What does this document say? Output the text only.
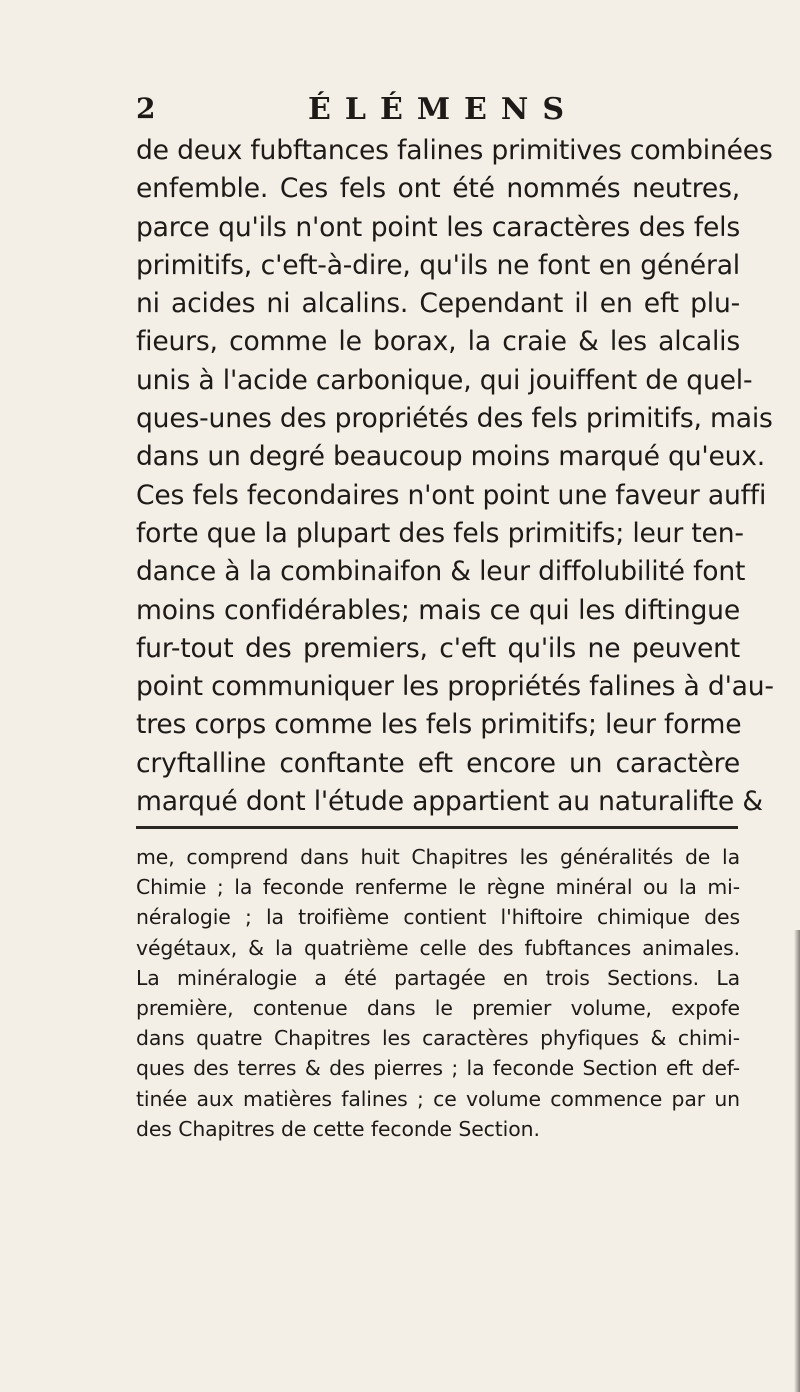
2	ÉLÉMENS
de deux fubftances falines primitives combinées
enfemble. Ces fels ont été nommés neutres,
parce qu'ils n'ont point les caractères des fels
primitifs, c'eft-à-dire, qu'ils ne font en général
ni acides ni alcalins. Cependant il en eft plu-
fieurs, comme le borax, la craie & les alcalis
unis à l'acide carbonique, qui jouiffent de quel-
ques-unes des propriétés des fels primitifs, mais
dans un degré beaucoup moins marqué qu'eux.
Ces fels fecondaires n'ont point une faveur auffi
forte que la plupart des fels primitifs; leur ten-
dance à la combinaifon & leur diffolubilité font
moins confidérables; mais ce qui les diftingue
fur-tout des premiers, c'eft qu'ils ne peuvent
point communiquer les propriétés falines à d'au-
tres corps comme les fels primitifs; leur forme
cryftalline conftante eft encore un caractère
marqué dont l'étude appartient au naturalifte &
me, comprend dans huit Chapitres les généralités de la
Chimie ; la feconde renferme le règne minéral ou la mi-
néralogie ; la troifième contient l'hiftoire chimique des
végétaux, & la quatrième celle des fubftances animales.
La minéralogie a été partagée en trois Sections. La
première, contenue dans le premier volume, expofe
dans quatre Chapitres les caractères phyfiques & chimi-
ques des terres & des pierres ; la feconde Section eft def-
tinée aux matières falines ; ce volume commence par un
des Chapitres de cette feconde Section.
